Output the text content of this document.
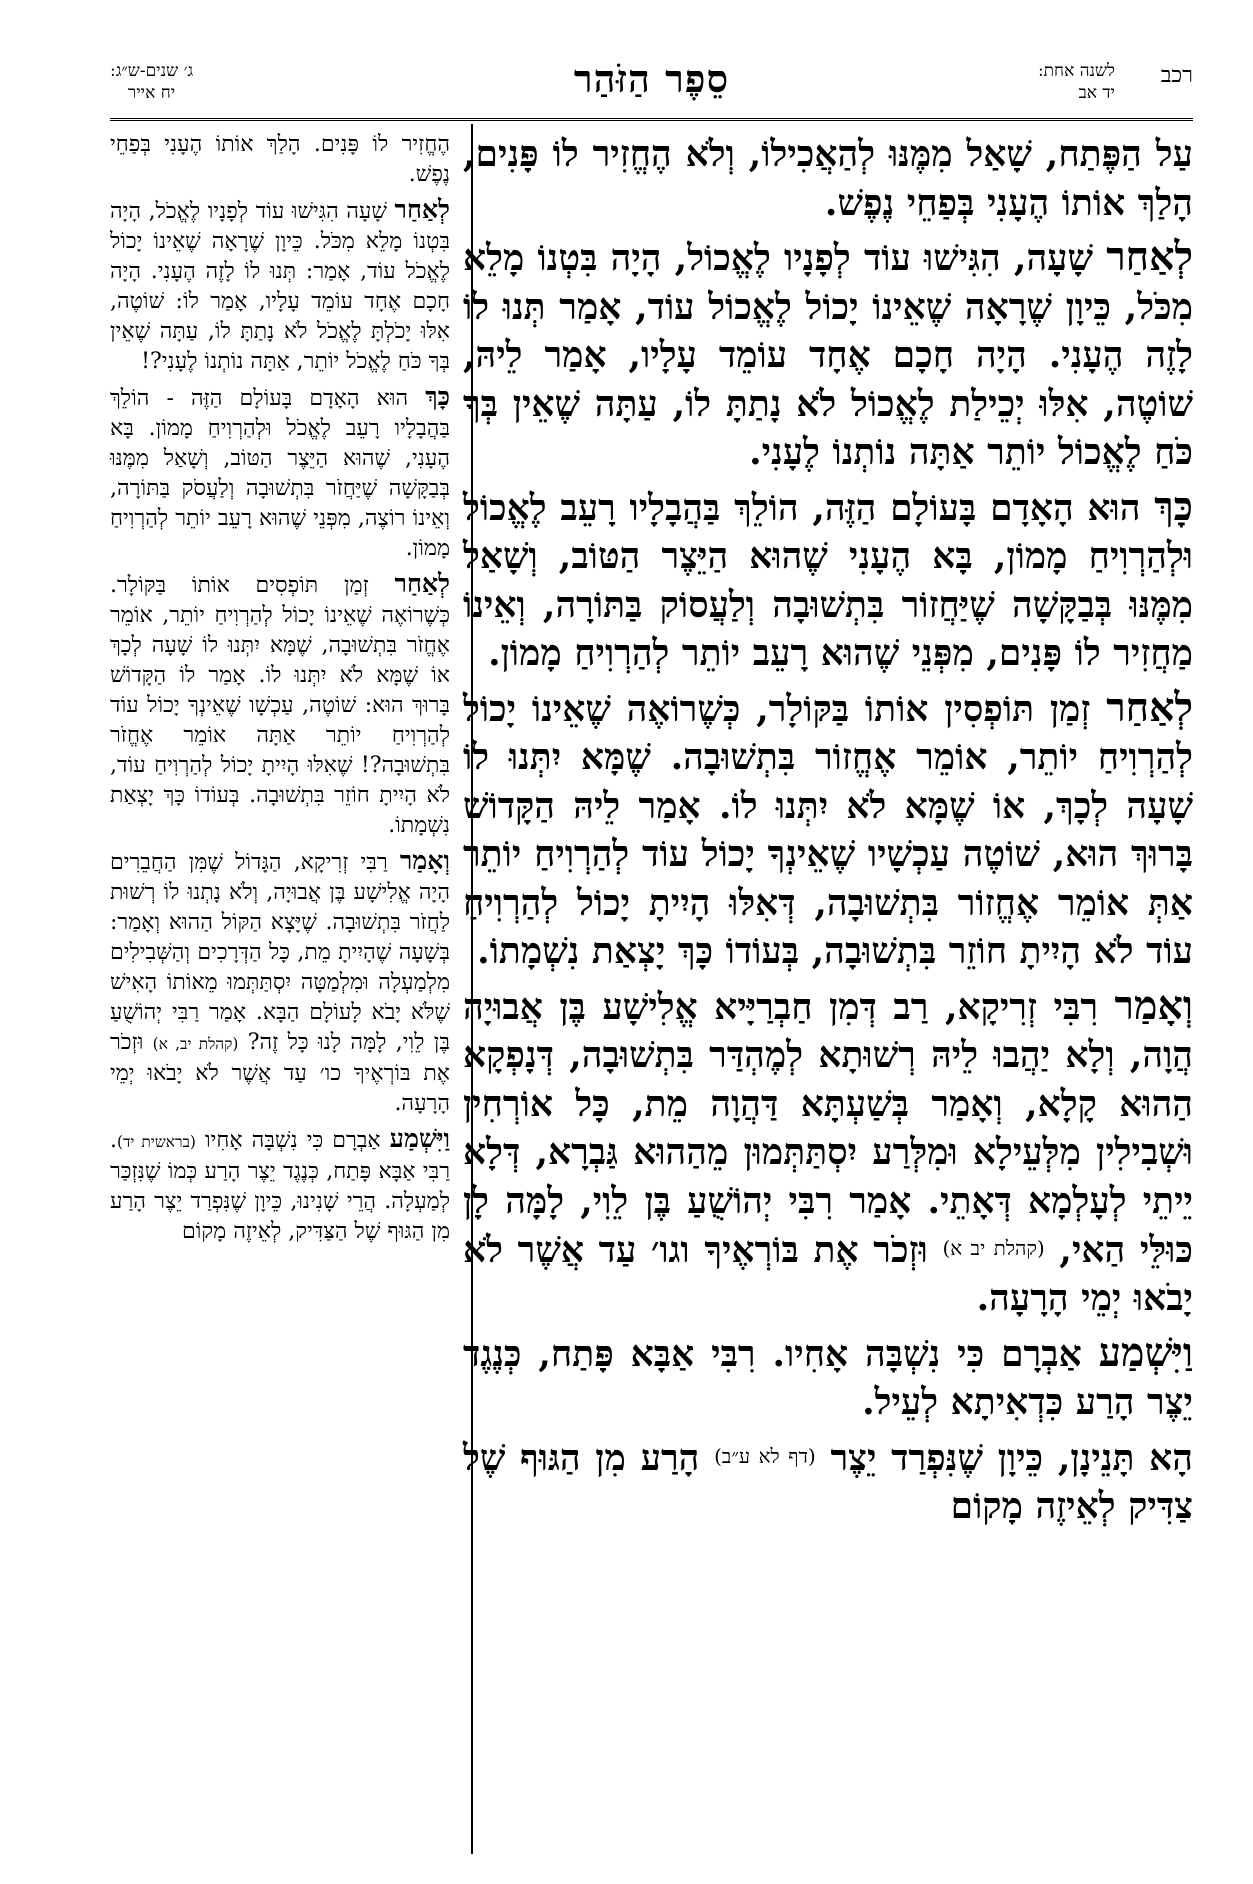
רכב
לשנה אחת:
יד אב
סֵפֶר הַזֹּהַר
ג׳ שנים-ש״ג:
יח אייר

עַל הַפֶּתַח, שָׁאַל מִמֶּנּוּ לְהַאֲכִילוֹ, וְלֹא הֶחֱזִיר לוֹ פָּנִים, הָלַךְ אוֹתוֹ הֶעָנִי בְּפַחֵי נֶפֶשׁ.

לְאַחַר שָׁעָה, הִגִּישׁוּ עוֹד לְפָנָיו לֶאֱכוֹל, הָיָה בִּטְנוֹ מָלֵא מִכֹּל, כֵּיוָן שֶׁרָאָה שֶׁאֵינוֹ יָכוֹל לֶאֱכוֹל עוֹד, אָמַר תְּנוּ לוֹ לָזֶה הֶעָנִי. הָיָה חָכָם אֶחָד עוֹמֵד עָלָיו, אָמַר לֵיהּ, שׁוֹטֶה, אִלּוּ יְכֵילַת לֶאֱכוֹל לֹא נָתַתָּ לוֹ, עַתָּה שֶׁאֵין בְּךָ כֹּחַ לֶאֱכוֹל יוֹתֵר אַתָּה נוֹתְנוֹ לֶעָנִי.

כָּךְ הוּא הָאָדָם בָּעוֹלָם הַזֶּה, הוֹלֵךְ בַּהֲבָלָיו רָעֵב לֶאֱכוֹל וּלְהַרְוִיחַ מָמוֹן, בָּא הֶעָנִי שֶׁהוּא הַיֵּצֶר הַטּוֹב, וְשָׁאַל מִמֶּנּוּ בְּבַקָּשָׁה שֶׁיַּחֲזוֹר בִּתְשׁוּבָה וְלַעֲסוֹק בַּתּוֹרָה, וְאֵינוֹ מַחֲזִיר לוֹ פָּנִים, מִפְּנֵי שֶׁהוּא רָעֵב יוֹתֵר לְהַרְוִיחַ מָמוֹן.

לְאַחַר זְמַן תּוֹפְסִין אוֹתוֹ בַּקּוֹלָר, כְּשֶׁרוֹאֶה שֶׁאֵינוֹ יָכוֹל לְהַרְוִיחַ יוֹתֵר, אוֹמֵר אֶחֱזוֹר בִּתְשׁוּבָה. שֶׁמָּא יִתְּנוּ לוֹ שָׁעָה לְכָךְ, אוֹ שֶׁמָּא לֹא יִתְּנוּ לוֹ. אָמַר לֵיהּ הַקָּדוֹשׁ בָּרוּךְ הוּא, שׁוֹטֶה עַכְשָׁיו שֶׁאֵינְךָ יָכוֹל עוֹד לְהַרְוִיחַ יוֹתֵר אַתְּ אוֹמֵר אֶחֱזוֹר בִּתְשׁוּבָה, דְּאִלּוּ הָיִיתָ יָכוֹל לְהַרְוִיחַ עוֹד לֹא הָיִיתָ חוֹזֵר בִּתְשׁוּבָה, בְּעוֹדוֹ כָּךְ יָצְאַת נִשְׁמָתוֹ.

וְאָמַר רִבִּי זְרִיקָא, רַב דְּמִן חַבְרַיָּיא אֱלִישָׁע בֶּן אֲבוּיָה הֲוָה, וְלָא יַהֲבוּ לֵיהּ רְשׁוּתָא לְמֶהְדַּר בִּתְשׁוּבָה, דְּנָפְקָא הַהוּא קָלָא, וְאָמַר בְּשַׁעְתָּא דַּהֲוָה מֵת, כָּל אוֹרְחִין וּשְׁבִילִין מִלְּעֵילָא וּמִלְּרַע יִסְתַּתְּמוּן מֵהַהוּא גַּבְרָא, דְּלָא יֵיתֵי לְעָלְמָא דְּאָתֵי. אָמַר רִבִּי יְהוֹשֻׁעַ בֶּן לֵוִי, לָמָּה לָן כּוּלֵּי הַאי, (קהלת יב א) וּזְכֹר אֶת בּוֹרְאֶיךָ וגו׳ עַד אֲשֶׁר לֹא יָבֹאוּ יְמֵי הָרָעָה.

וַיִּשְׁמַע אַבְרָם כִּי נִשְׁבָּה אָחִיו. רִבִּי אַבָּא פָּתַח, כְּנֶגֶד יֵצֶר הָרַע כִּדְאִיתָא לְעֵיל.

הָא תָּנֵינָן, כֵּיוָן שֶׁנִּפְרַד יֵצֶר (דף לא ע״ב) הָרַע מִן הַגּוּף שֶׁל צַדִּיק לְאֵיזֶה מָקוֹם

הֶחֱזִיר לוֹ פָּנִים. הָלַךְ אוֹתוֹ הֶעָנִי בְּפַחֵי נֶפֶשׁ.

לְאַחַר שָׁעָה הִגִּישׁוּ עוֹד לְפָנָיו לֶאֱכֹל, הָיָה בִּטְנוֹ מָלֵא מִכֹּל. כֵּיוָן שֶׁרָאָה שֶׁאֵינוֹ יָכוֹל לֶאֱכֹל עוֹד, אָמַר: תְּנוּ לוֹ לָזֶה הֶעָנִי. הָיָה חָכָם אֶחָד עוֹמֵד עָלָיו, אָמַר לוֹ: שׁוֹטֶה, אִלּוּ יָכֹלְתָּ לֶאֱכֹל לֹא נָתַתָּ לוֹ, עַתָּה שֶׁאֵין בְּךָ כֹּחַ לֶאֱכֹל יוֹתֵר, אַתָּה נוֹתְנוֹ לֶעָנִי?!

כָּךְ הוּא הָאָדָם בָּעוֹלָם הַזֶּה - הוֹלֵךְ בַּהֲבָלָיו רָעֵב לֶאֱכֹל וּלְהַרְוִיחַ מָמוֹן. בָּא הֶעָנִי, שֶׁהוּא הַיֵּצֶר הַטּוֹב, וְשָׁאַל מִמֶּנּוּ בְּבַקָּשָׁה שֶׁיַּחֲזֹר בִּתְשׁוּבָה וְלַעֲסֹק בַּתּוֹרָה, וְאֵינוֹ רוֹצֶה, מִפְּנֵי שֶׁהוּא רָעֵב יוֹתֵר לְהַרְוִיחַ מָמוֹן.

לְאַחַר זְמַן תּוֹפְסִים אוֹתוֹ בַּקּוֹלָר. כְּשֶׁרוֹאֶה שֶׁאֵינוֹ יָכוֹל לְהַרְוִיחַ יוֹתֵר, אוֹמֵר אֶחֱזֹר בִּתְשׁוּבָה, שֶׁמָּא יִתְּנוּ לוֹ שָׁעָה לְכָךְ אוֹ שֶׁמָּא לֹא יִתְּנוּ לוֹ. אָמַר לוֹ הַקָּדוֹשׁ בָּרוּךְ הוּא: שׁוֹטֶה, עַכְשָׁו שֶׁאֵינְךָ יָכוֹל עוֹד לְהַרְוִיחַ יוֹתֵר אַתָּה אוֹמֵר אֶחֱזֹר בִּתְשׁוּבָה?! שֶׁאִלּוּ הָיִיתָ יָכוֹל לְהַרְוִיחַ עוֹד, לֹא הָיִיתָ חוֹזֵר בִּתְשׁוּבָה. בְּעוֹדוֹ כָּךְ יָצְאַת נִשְׁמָתוֹ.

וְאָמַר רַבִּי זְרִיקָא, הַגָּדוֹל שֶׁמִּן הַחֲבֵרִים הָיָה אֱלִישָׁע בֶּן אֲבוּיָה, וְלֹא נָתְנוּ לוֹ רְשׁוּת לַחֲזֹר בִּתְשׁוּבָה. שֶׁיָּצָא הַקּוֹל הַהוּא וְאָמַר: בְּשָׁעָה שֶׁהָיִיתָ מֵת, כָּל הַדְּרָכִים וְהַשְּׁבִילִים מִלְמַעְלָה וּמִלְמַטָּה יִסְתַּתְּמוּ מֵאוֹתוֹ הָאִישׁ שֶׁלֹּא יָבֹא לָעוֹלָם הַבָּא. אָמַר רַבִּי יְהוֹשֻׁעַ בֶּן לֵוִי, לָמָּה לָנוּ כָּל זֶה? (קהלת יב, א) וּזְכֹר אֶת בּוֹרְאֶיךָ כו׳ עַד אֲשֶׁר לֹא יָבֹאוּ יְמֵי הָרָעָה.

וַיִּשְׁמַע אַבְרָם כִּי נִשְׁבָּה אָחִיו (בראשית יד). רַבִּי אַבָּא פָּתַח, כְּנֶגֶד יֵצֶר הָרַע כְּמוֹ שֶׁנִּזְכַּר לְמַעְלָה. הֲרֵי שָׁנִינוּ, כֵּיוָן שֶׁנִּפְרַד יֵצֶר הָרַע מִן הַגּוּף שֶׁל הַצַּדִּיק, לְאֵיזֶה מָקוֹם
